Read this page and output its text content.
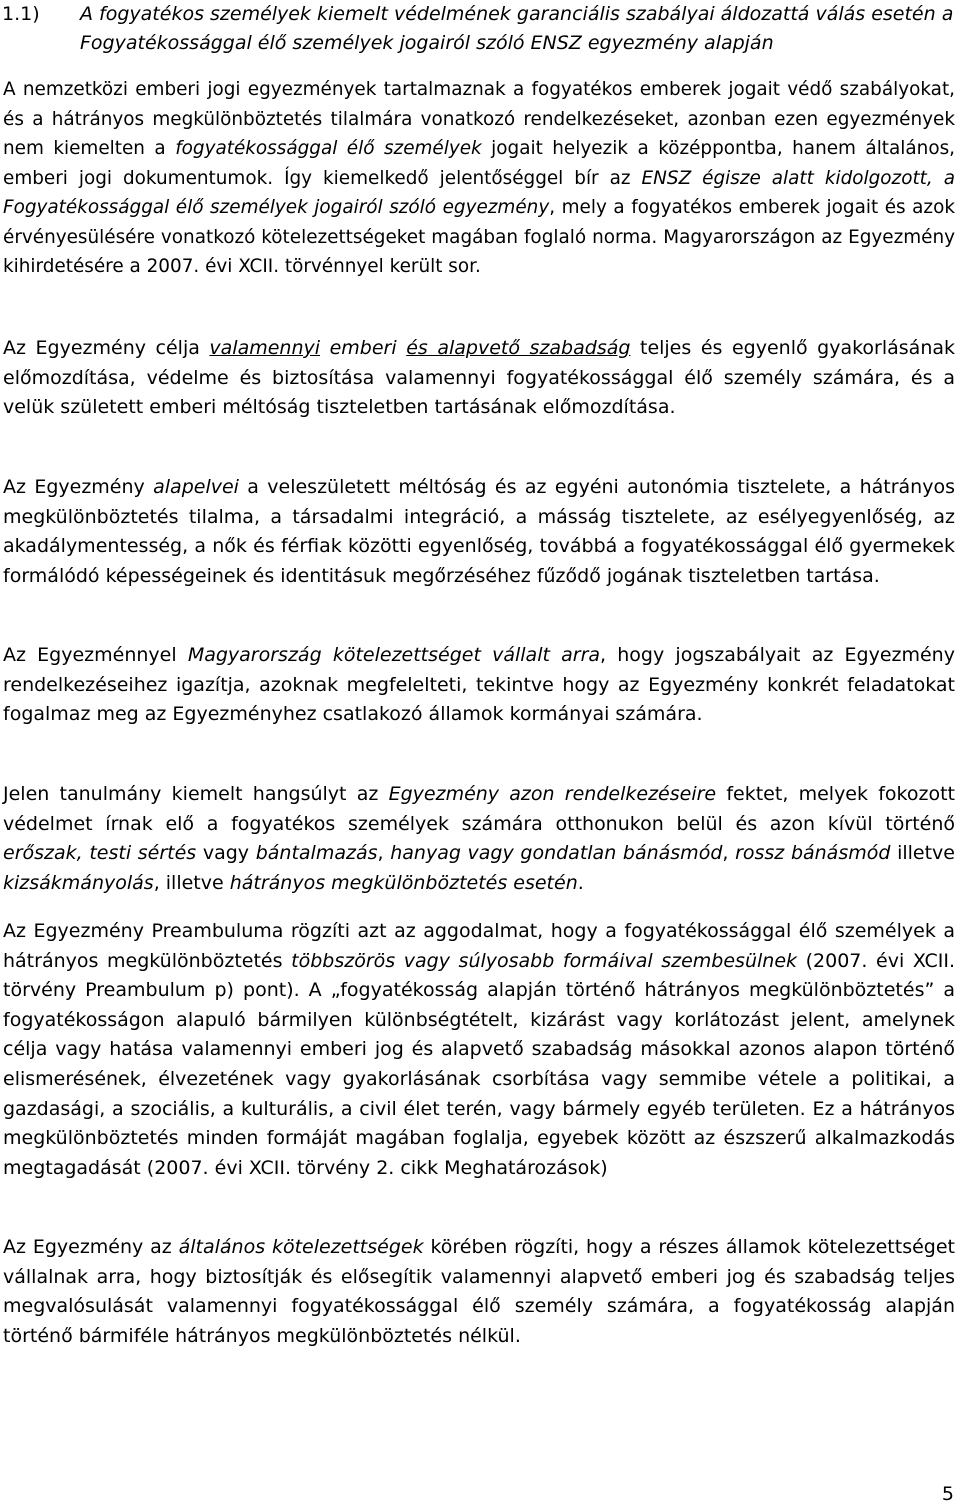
1.1) A fogyatékos személyek kiemelt védelmének garanciális szabályai áldozattá válás esetén a Fogyatékossággal élő személyek jogairól szóló ENSZ egyezmény alapján
A nemzetközi emberi jogi egyezmények tartalmaznak a fogyatékos emberek jogait védő szabályokat, és a hátrányos megkülönböztetés tilalmára vonatkozó rendelkezéseket, azonban ezen egyezmények nem kiemelten a fogyatékossággal élő személyek jogait helyezik a középpontba, hanem általános, emberi jogi dokumentumok. Így kiemelkedő jelentőséggel bír az ENSZ égisze alatt kidolgozott, a Fogyatékossággal élő személyek jogairól szóló egyezmény, mely a fogyatékos emberek jogait és azok érvényesülésére vonatkozó kötelezettségeket magában foglaló norma. Magyarországon az Egyezmény kihirdetésére a 2007. évi XCII. törvénnyel került sor.

Az Egyezmény célja valamennyi emberi és alapvető szabadság teljes és egyenlő gyakorlásának előmozdítása, védelme és biztosítása valamennyi fogyatékossággal élő személy számára, és a velük született emberi méltóság tiszteletben tartásának előmozdítása.

Az Egyezmény alapelvei a veleszületett méltóság és az egyéni autonómia tisztelete, a hátrányos megkülönböztetés tilalma, a társadalmi integráció, a másság tisztelete, az esélyegyenlőség, az akadálymentesség, a nők és férfiak közötti egyenlőség, továbbá a fogyatékossággal élő gyermekek formálódó képességeinek és identitásuk megőrzéséhez fűződő jogának tiszteletben tartása.

Az Egyezménnyel Magyarország kötelezettséget vállalt arra, hogy jogszabályait az Egyezmény rendelkezéseihez igazítja, azoknak megfelelteti, tekintve hogy az Egyezmény konkrét feladatokat fogalmaz meg az Egyezményhez csatlakozó államok kormányai számára.

Jelen tanulmány kiemelt hangsúlyt az Egyezmény azon rendelkezéseire fektet, melyek fokozott védelmet írnak elő a fogyatékos személyek számára otthonukon belül és azon kívül történő erőszak, testi sértés vagy bántalmazás, hanyag vagy gondatlan bánásmód, rossz bánásmód illetve kizsákmányolás, illetve hátrányos megkülönböztetés esetén.

Az Egyezmény Preambuluma rögzíti azt az aggodalmat, hogy a fogyatékossággal élő személyek a hátrányos megkülönböztetés többszörös vagy súlyosabb formáival szembesülnek (2007. évi XCII. törvény Preambulum p) pont). A „fogyatékosság alapján történő hátrányos megkülönböztetés” a fogyatékosságon alapuló bármilyen különbségtételt, kizárást vagy korlátozást jelent, amelynek célja vagy hatása valamennyi emberi jog és alapvető szabadság másokkal azonos alapon történő elismerésének, élvezetének vagy gyakorlásának csorbítása vagy semmibe vétele a politikai, a gazdasági, a szociális, a kulturális, a civil élet terén, vagy bármely egyéb területen. Ez a hátrányos megkülönböztetés minden formáját magában foglalja, egyebek között az észszerű alkalmazkodás megtagadását (2007. évi XCII. törvény 2. cikk Meghatározások)

Az Egyezmény az általános kötelezettségek körében rögzíti, hogy a részes államok kötelezettséget vállalnak arra, hogy biztosítják és elősegítik valamennyi alapvető emberi jog és szabadság teljes megvalósulását valamennyi fogyatékossággal élő személy számára, a fogyatékosság alapján történő bármiféle hátrányos megkülönböztetés nélkül.

5
